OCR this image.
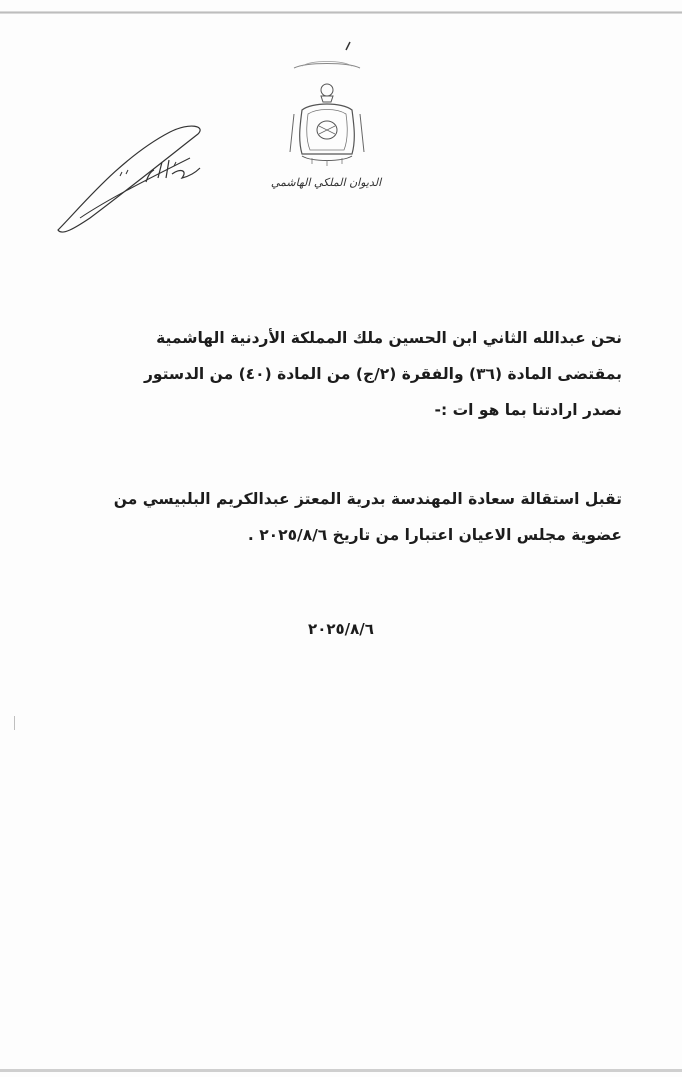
الديوان الملكي الهاشمي
نحن عبدالله الثاني ابن الحسين ملك المملكة الأردنية الهاشمية
بمقتضى المادة (٣٦) والفقرة (٢/ج) من المادة (٤٠) من الدستور
نصدر ارادتنا بما هو ات :-
تقبل استقالة سعادة المهندسة بدرية المعتز عبدالكريم البلبيسي من
عضوية مجلس الاعيان اعتبارا من تاريخ ٢٠٢٥/٨/٦ .
٢٠٢٥/٨/٦
